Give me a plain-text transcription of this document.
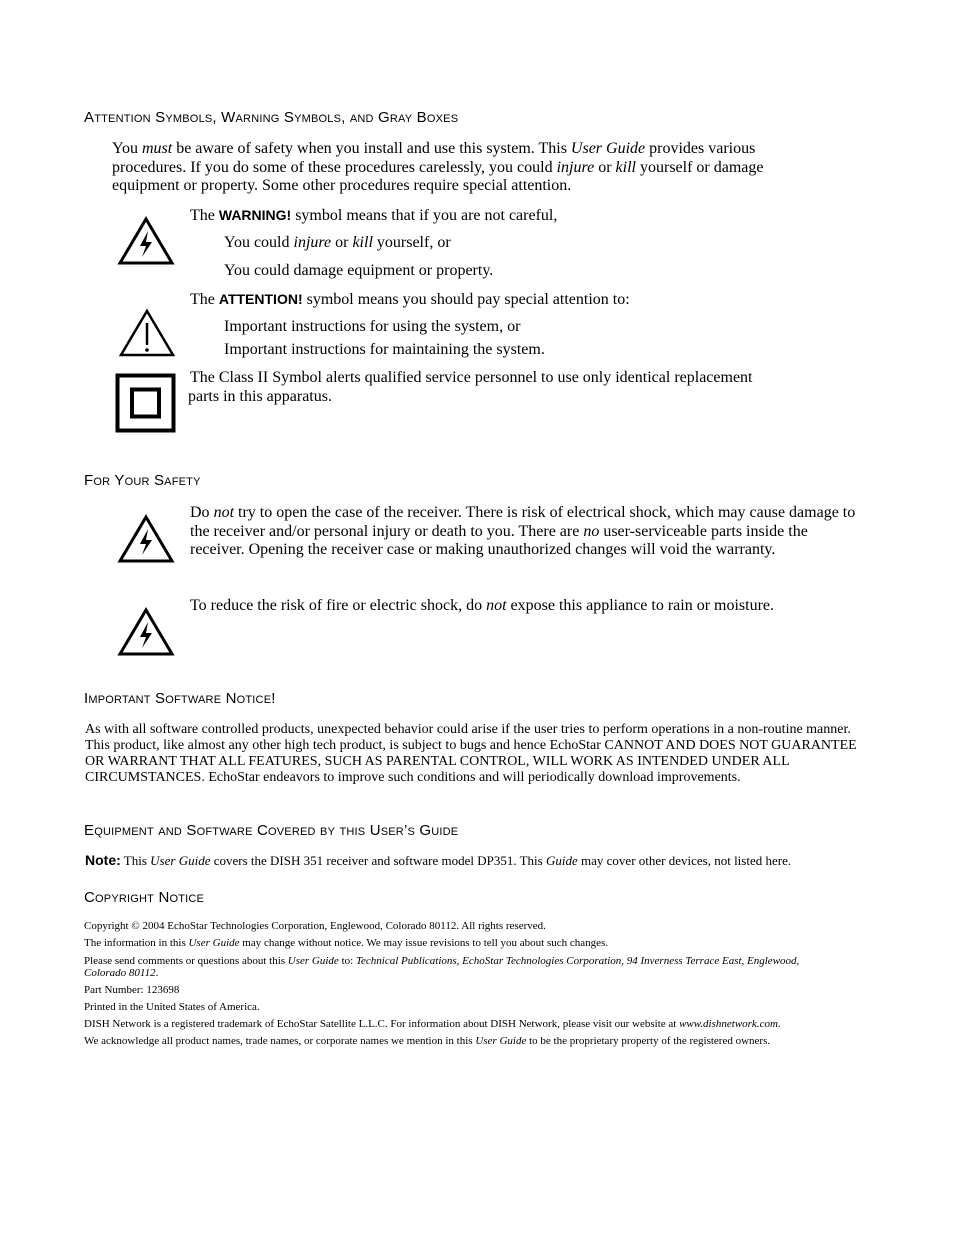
Attention Symbols, Warning Symbols, and Gray Boxes

You must be aware of safety when you install and use this system. This User Guide provides various procedures. If you do some of these procedures carelessly, you could injure or kill yourself or damage equipment or property. Some other procedures require special attention.

The WARNING! symbol means that if you are not careful,

You could injure or kill yourself, or

You could damage equipment or property.

The ATTENTION! symbol means you should pay special attention to:

Important instructions for using the system, or

Important instructions for maintaining the system.

The Class II Symbol alerts qualified service personnel to use only identical replacement

parts in this apparatus.

For Your Safety

Do not try to open the case of the receiver. There is risk of electrical shock, which may cause damage to the receiver and/or personal injury or death to you. There are no user-serviceable parts inside the receiver. Opening the receiver case or making unauthorized changes will void the warranty.

To reduce the risk of fire or electric shock, do not expose this appliance to rain or moisture.

Important Software Notice!

As with all software controlled products, unexpected behavior could arise if the user tries to perform operations in a non-routine manner. This product, like almost any other high tech product, is subject to bugs and hence EchoStar CANNOT AND DOES NOT GUARANTEE OR WARRANT THAT ALL FEATURES, SUCH AS PARENTAL CONTROL, WILL WORK AS INTENDED UNDER ALL CIRCUMSTANCES. EchoStar endeavors to improve such conditions and will periodically download improvements.

Equipment and Software Covered by this User’s Guide

Note: This User Guide covers the DISH 351 receiver and software model DP351. This Guide may cover other devices, not listed here.

Copyright Notice

Copyright © 2004 EchoStar Technologies Corporation, Englewood, Colorado 80112. All rights reserved.

The information in this User Guide may change without notice. We may issue revisions to tell you about such changes.

Please send comments or questions about this User Guide to: Technical Publications, EchoStar Technologies Corporation, 94 Inverness Terrace East, Englewood, Colorado 80112.

Part Number: 123698

Printed in the United States of America.

DISH Network is a registered trademark of EchoStar Satellite L.L.C. For information about DISH Network, please visit our website at www.dishnetwork.com.

We acknowledge all product names, trade names, or corporate names we mention in this User Guide to be the proprietary property of the registered owners.
